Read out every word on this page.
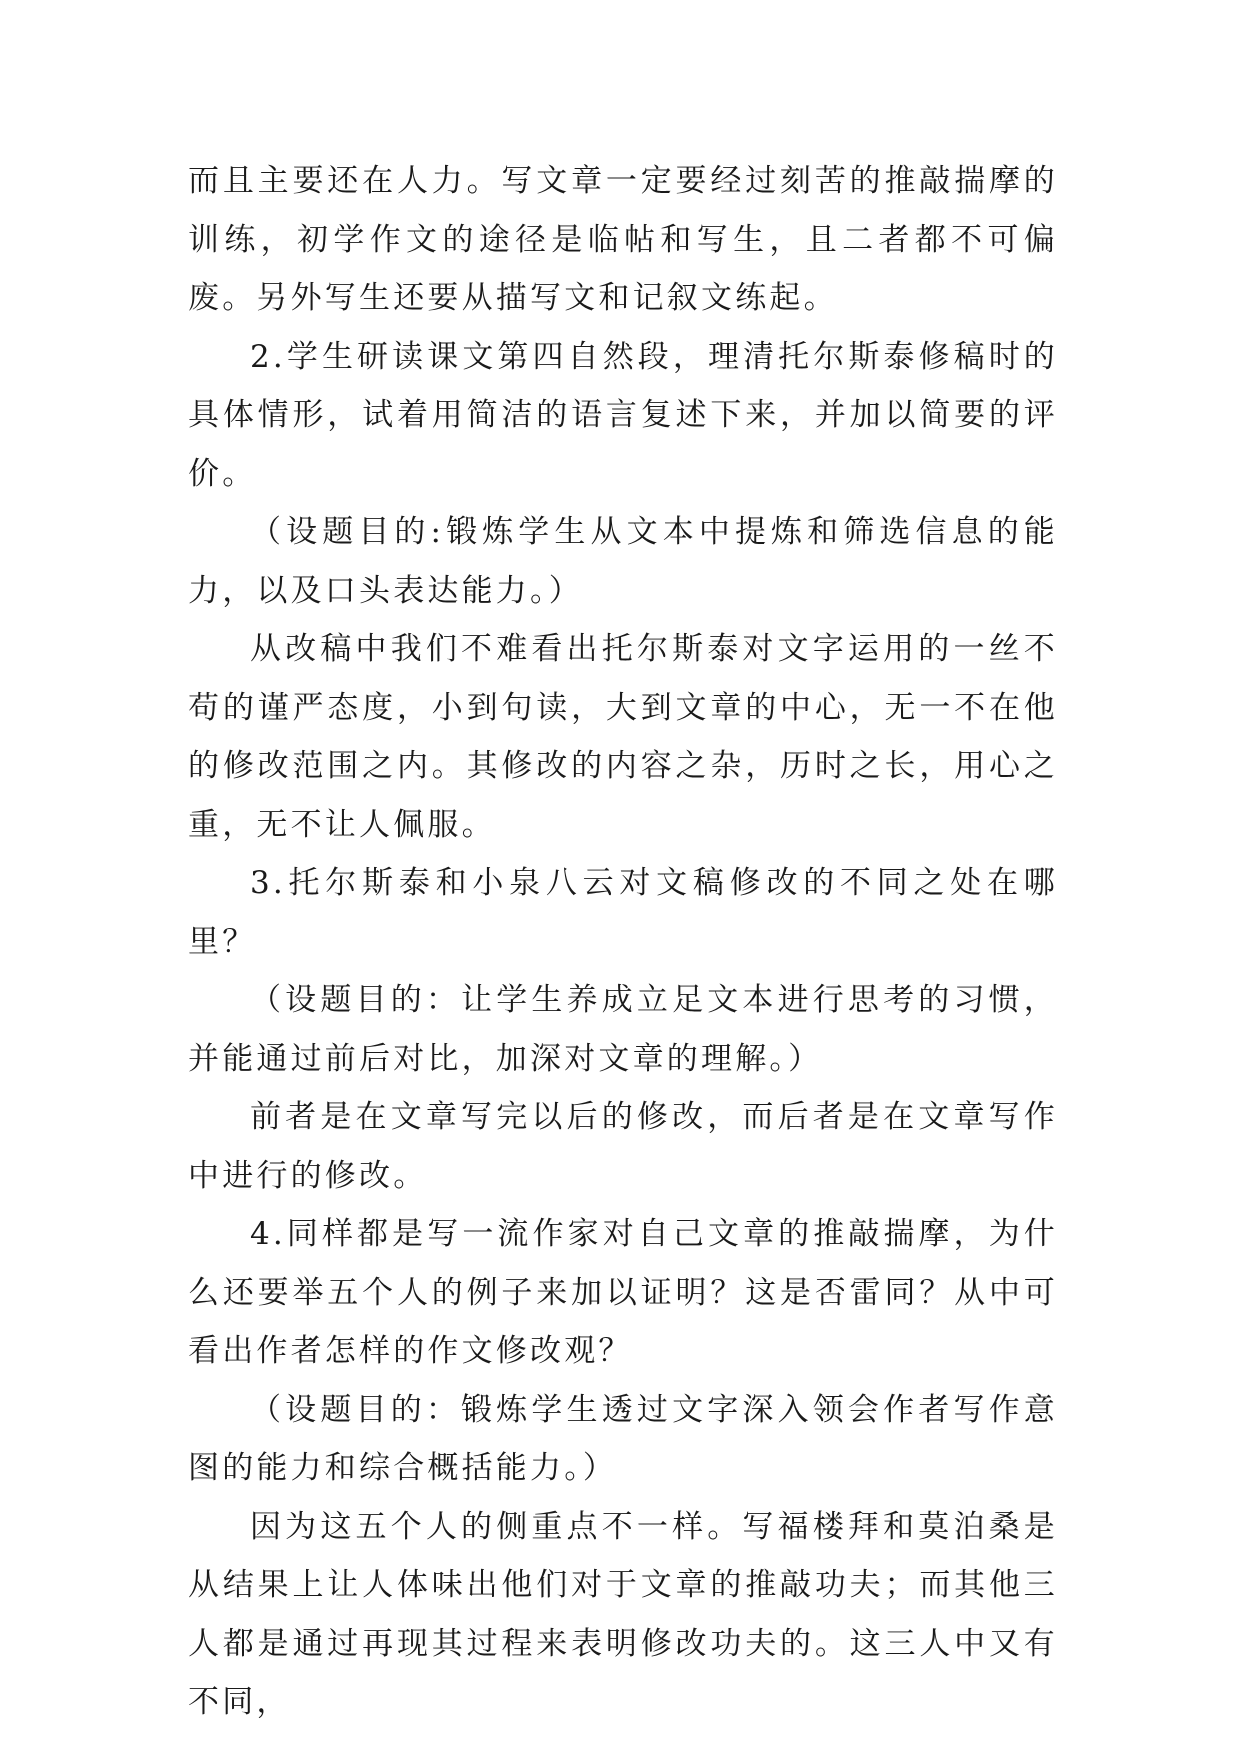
而且主要还在人力。写文章一定要经过刻苦的推敲揣摩的训练，初学作文的途径是临帖和写生，且二者都不可偏废。另外写生还要从描写文和记叙文练起。

2.学生研读课文第四自然段，理清托尔斯泰修稿时的具体情形，试着用简洁的语言复述下来，并加以简要的评价。

（设题目的:锻炼学生从文本中提炼和筛选信息的能力，以及口头表达能力。）

从改稿中我们不难看出托尔斯泰对文字运用的一丝不苟的谨严态度，小到句读，大到文章的中心，无一不在他的修改范围之内。其修改的内容之杂，历时之长，用心之重，无不让人佩服。

3.托尔斯泰和小泉八云对文稿修改的不同之处在哪里？

（设题目的：让学生养成立足文本进行思考的习惯，并能通过前后对比，加深对文章的理解。）

前者是在文章写完以后的修改，而后者是在文章写作中进行的修改。

4.同样都是写一流作家对自己文章的推敲揣摩，为什么还要举五个人的例子来加以证明？这是否雷同？从中可看出作者怎样的作文修改观？

（设题目的：锻炼学生透过文字深入领会作者写作意图的能力和综合概括能力。）

因为这五个人的侧重点不一样。写福楼拜和莫泊桑是从结果上让人体味出他们对于文章的推敲功夫；而其他三人都是通过再现其过程来表明修改功夫的。这三人中又有不同，
